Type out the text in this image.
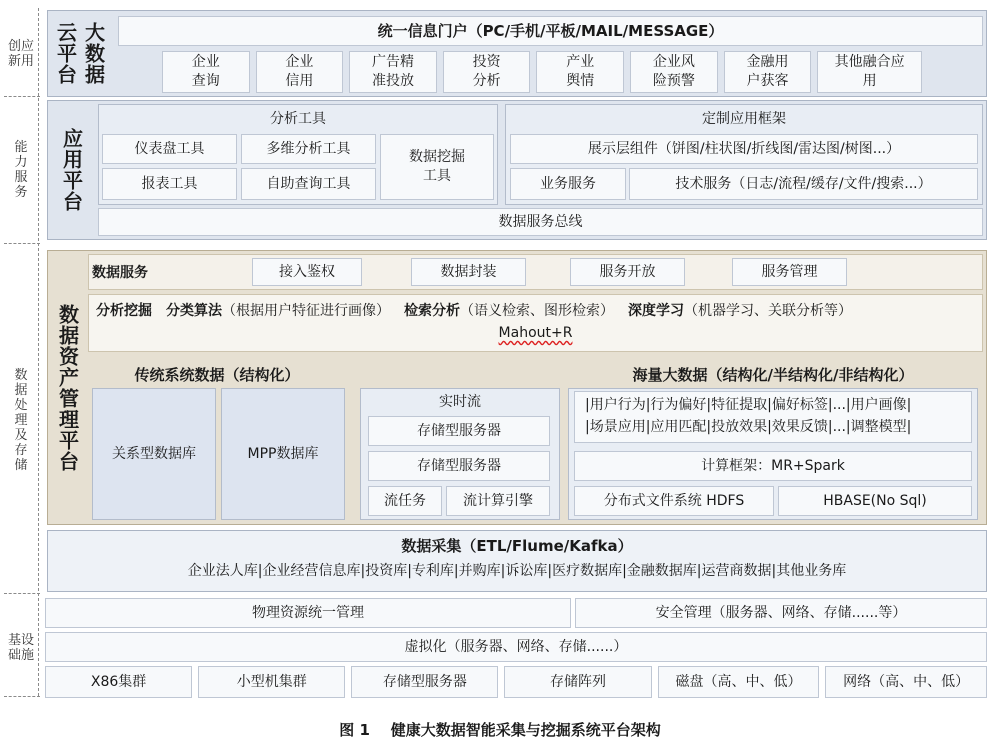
创应
新用
能
力
服
务
数
据
处
理
及
存
储
基设
础施
云平台 大数据	统一信息门户（PC/手机/平板/MAIL/MESSAGE）
企业
查询
企业
信用
广告精
准投放
投资
分析
产业
舆情
企业风
险预警
金融用
户获客
其他融合应
用
应用平台
分析工具
仪表盘工具	多维分析工具
报表工具	自助查询工具
数据挖掘
工具
定制应用框架
展示层组件（饼图/柱状图/折线图/雷达图/树图...）
业务服务	技术服务（日志/流程/缓存/文件/搜索...）
数据服务总线
数据资产管理平台
数据服务	接入鉴权	数据封装	服务开放	服务管理
分析挖掘 分类算法（根据用户特征进行画像） 检索分析（语义检索、图形检索） 深度学习（机器学习、关联分析等）
Mahout+R
传统系统数据（结构化）
关系型数据库	MPP数据库
实时流
存储型服务器
存储型服务器
流任务	流计算引擎
海量大数据（结构化/半结构化/非结构化）
|用户行为|行为偏好|特征提取|偏好标签|...|用户画像|
|场景应用|应用匹配|投放效果|效果反馈|...|调整模型|
计算框架：MR+Spark
分布式文件系统 HDFS	HBASE(No Sql)
数据采集（ETL/Flume/Kafka）
企业法人库|企业经营信息库|投资库|专利库|并购库|诉讼库|医疗数据库|金融数据库|运营商数据|其他业务库
物理资源统一管理	安全管理（服务器、网络、存储......等）
虚拟化（服务器、网络、存储......）
X86集群	小型机集群	存储型服务器	存储阵列	磁盘（高、中、低）	网络（高、中、低）
图 1    健康大数据智能采集与挖掘系统平台架构
